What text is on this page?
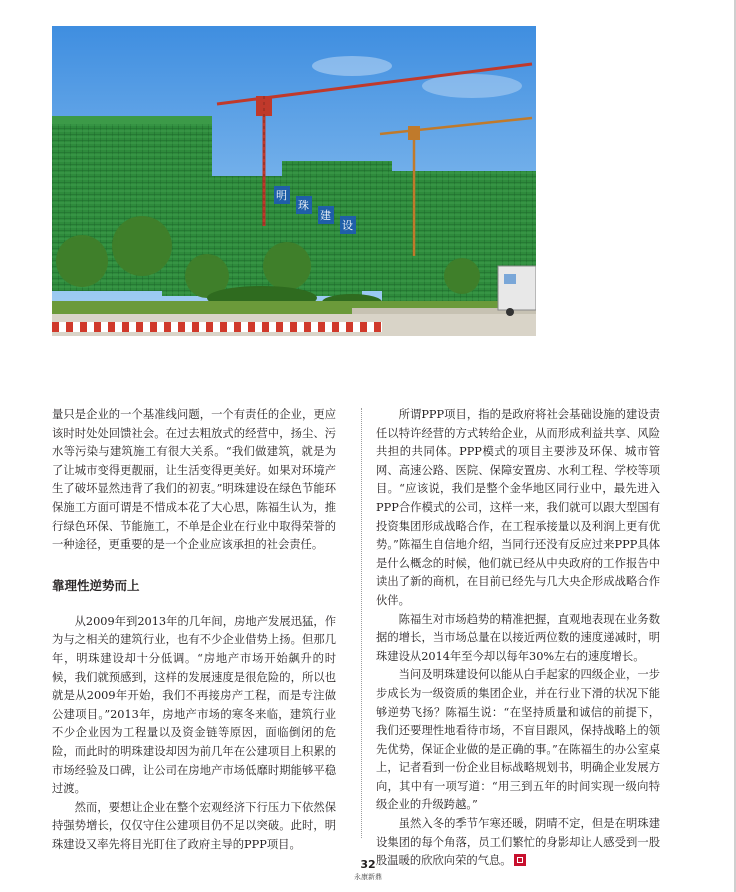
明
珠
建
设

量只是企业的一个基准线问题，一个有责任的企业，更应该时时处处回馈社会。在过去粗放式的经营中，扬尘、污水等污染与建筑施工有很大关系。“我们做建筑，就是为了让城市变得更靓丽，让生活变得更美好。如果对环境产生了破坏显然违背了我们的初衷。”明珠建设在绿色节能环保施工方面可谓是不惜成本花了大心思，陈福生认为，推行绿色环保、节能施工，不单是企业在行业中取得荣誉的一种途径，更重要的是一个企业应该承担的社会责任。

靠理性逆势而上

从2009年到2013年的几年间，房地产发展迅猛，作为与之相关的建筑行业，也有不少企业借势上扬。但那几年，明珠建设却十分低调。“房地产市场开始飙升的时候，我们就预感到，这样的发展速度是很危险的，所以也就是从2009年开始，我们不再接房产工程，而是专注做公建项目。”2013年，房地产市场的寒冬来临，建筑行业不少企业因为工程量以及资金链等原因，面临倒闭的危险，而此时的明珠建设却因为前几年在公建项目上积累的市场经验及口碑，让公司在房地产市场低靡时期能够平稳过渡。

然而，要想让企业在整个宏观经济下行压力下依然保持强势增长，仅仅守住公建项目仍不足以突破。此时，明珠建设又率先将目光盯住了政府主导的PPP项目。

所谓PPP项目，指的是政府将社会基础设施的建设责任以特许经营的方式转给企业，从而形成利益共享、风险共担的共同体。PPP模式的项目主要涉及环保、城市管网、高速公路、医院、保障安置房、水利工程、学校等项目。“应该说，我们是整个金华地区同行业中，最先进入PPP合作模式的公司，这样一来，我们就可以跟大型国有投资集团形成战略合作，在工程承接量以及利润上更有优势。”陈福生自信地介绍，当同行还没有反应过来PPP具体是什么概念的时候，他们就已经从中央政府的工作报告中读出了新的商机，在目前已经先与几大央企形成战略合作伙伴。

陈福生对市场趋势的精准把握，直观地表现在业务数据的增长，当市场总量在以接近两位数的速度递减时，明珠建设从2014年至今却以每年30%左右的速度增长。

当问及明珠建设何以能从白手起家的四级企业，一步步成长为一级资质的集团企业，并在行业下滑的状况下能够逆势飞扬？陈福生说：“在坚持质量和诚信的前提下，我们还要理性地看待市场，不盲目跟风，保持战略上的领先优势，保证企业做的是正确的事。”在陈福生的办公室桌上，记者看到一份企业目标战略规划书，明确企业发展方向，其中有一项写道：“用三到五年的时间实现一级向特级企业的升级跨越。”

虽然入冬的季节乍寒还暖，阴晴不定，但是在明珠建设集团的每个角落，员工们繁忙的身影却让人感受到一股股温暖的欣欣向荣的气息。

32
永康新鼎
